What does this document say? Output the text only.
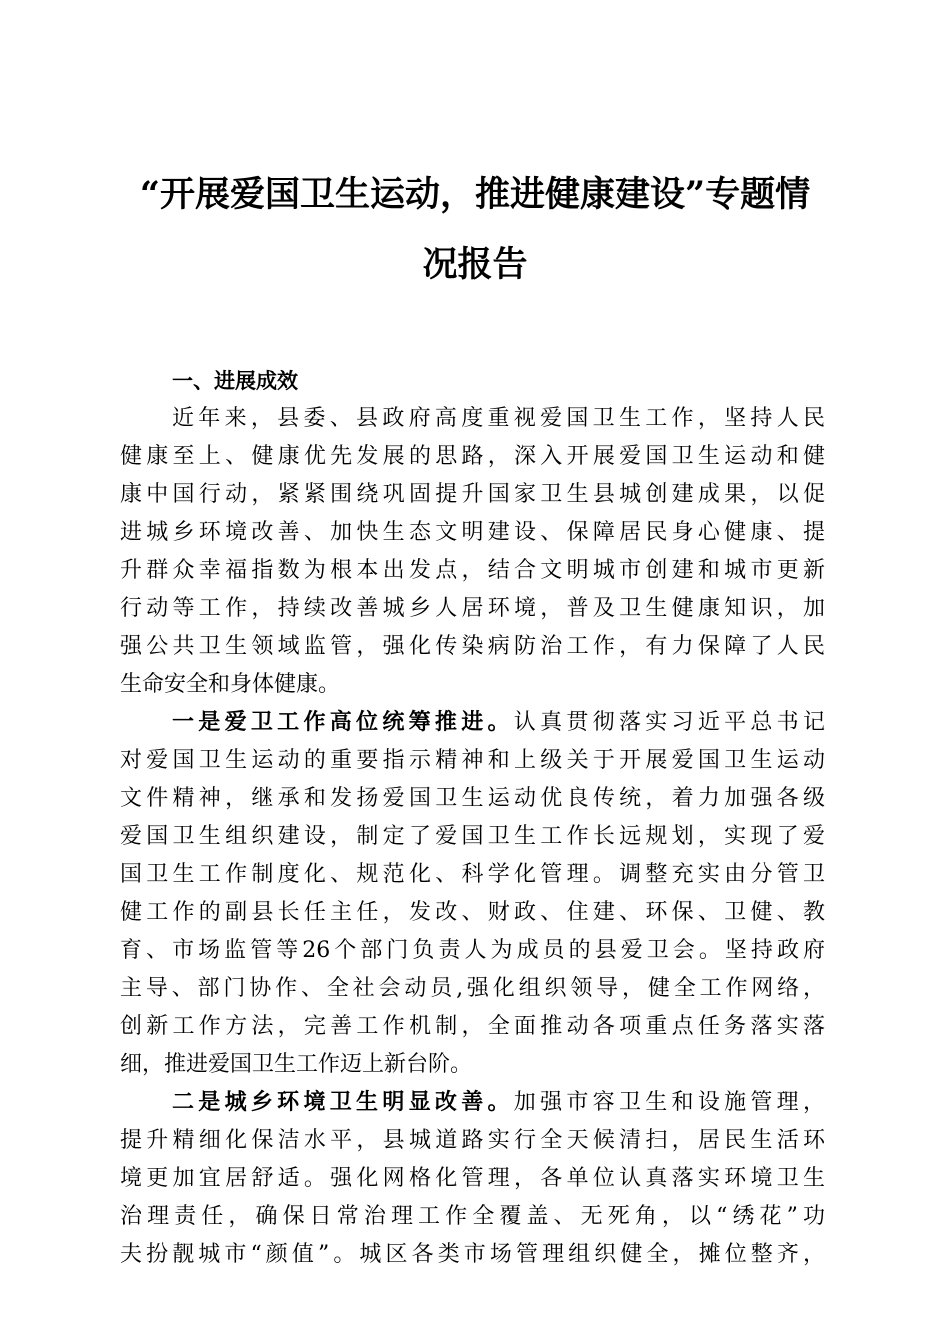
“开展爱国卫生运动，推进健康建设”专题情
况报告
一、进展成效

近年来，县委、县政府高度重视爱国卫生工作，坚持人民
健康至上、健康优先发展的思路，深入开展爱国卫生运动和健
康中国行动，紧紧围绕巩固提升国家卫生县城创建成果，以促
进城乡环境改善、加快生态文明建设、保障居民身心健康、提
升群众幸福指数为根本出发点，结合文明城市创建和城市更新
行动等工作，持续改善城乡人居环境，普及卫生健康知识，加
强公共卫生领域监管，强化传染病防治工作，有力保障了人民
生命安全和身体健康。

一是爱卫工作高位统筹推进。认真贯彻落实习近平总书记
对爱国卫生运动的重要指示精神和上级关于开展爱国卫生运动
文件精神，继承和发扬爱国卫生运动优良传统，着力加强各级
爱国卫生组织建设，制定了爱国卫生工作长远规划，实现了爱
国卫生工作制度化、规范化、科学化管理。调整充实由分管卫
健工作的副县长任主任，发改、财政、住建、环保、卫健、教
育、市场监管等26个部门负责人为成员的县爱卫会。坚持政府
主导、部门协作、全社会动员,强化组织领导，健全工作网络，
创新工作方法，完善工作机制，全面推动各项重点任务落实落
细，推进爱国卫生工作迈上新台阶。

二是城乡环境卫生明显改善。加强市容卫生和设施管理，
提升精细化保洁水平，县城道路实行全天候清扫，居民生活环
境更加宜居舒适。强化网格化管理，各单位认真落实环境卫生
治理责任，确保日常治理工作全覆盖、无死角，以“绣花”功
夫扮靓城市“颜值”。城区各类市场管理组织健全，摊位整齐，
